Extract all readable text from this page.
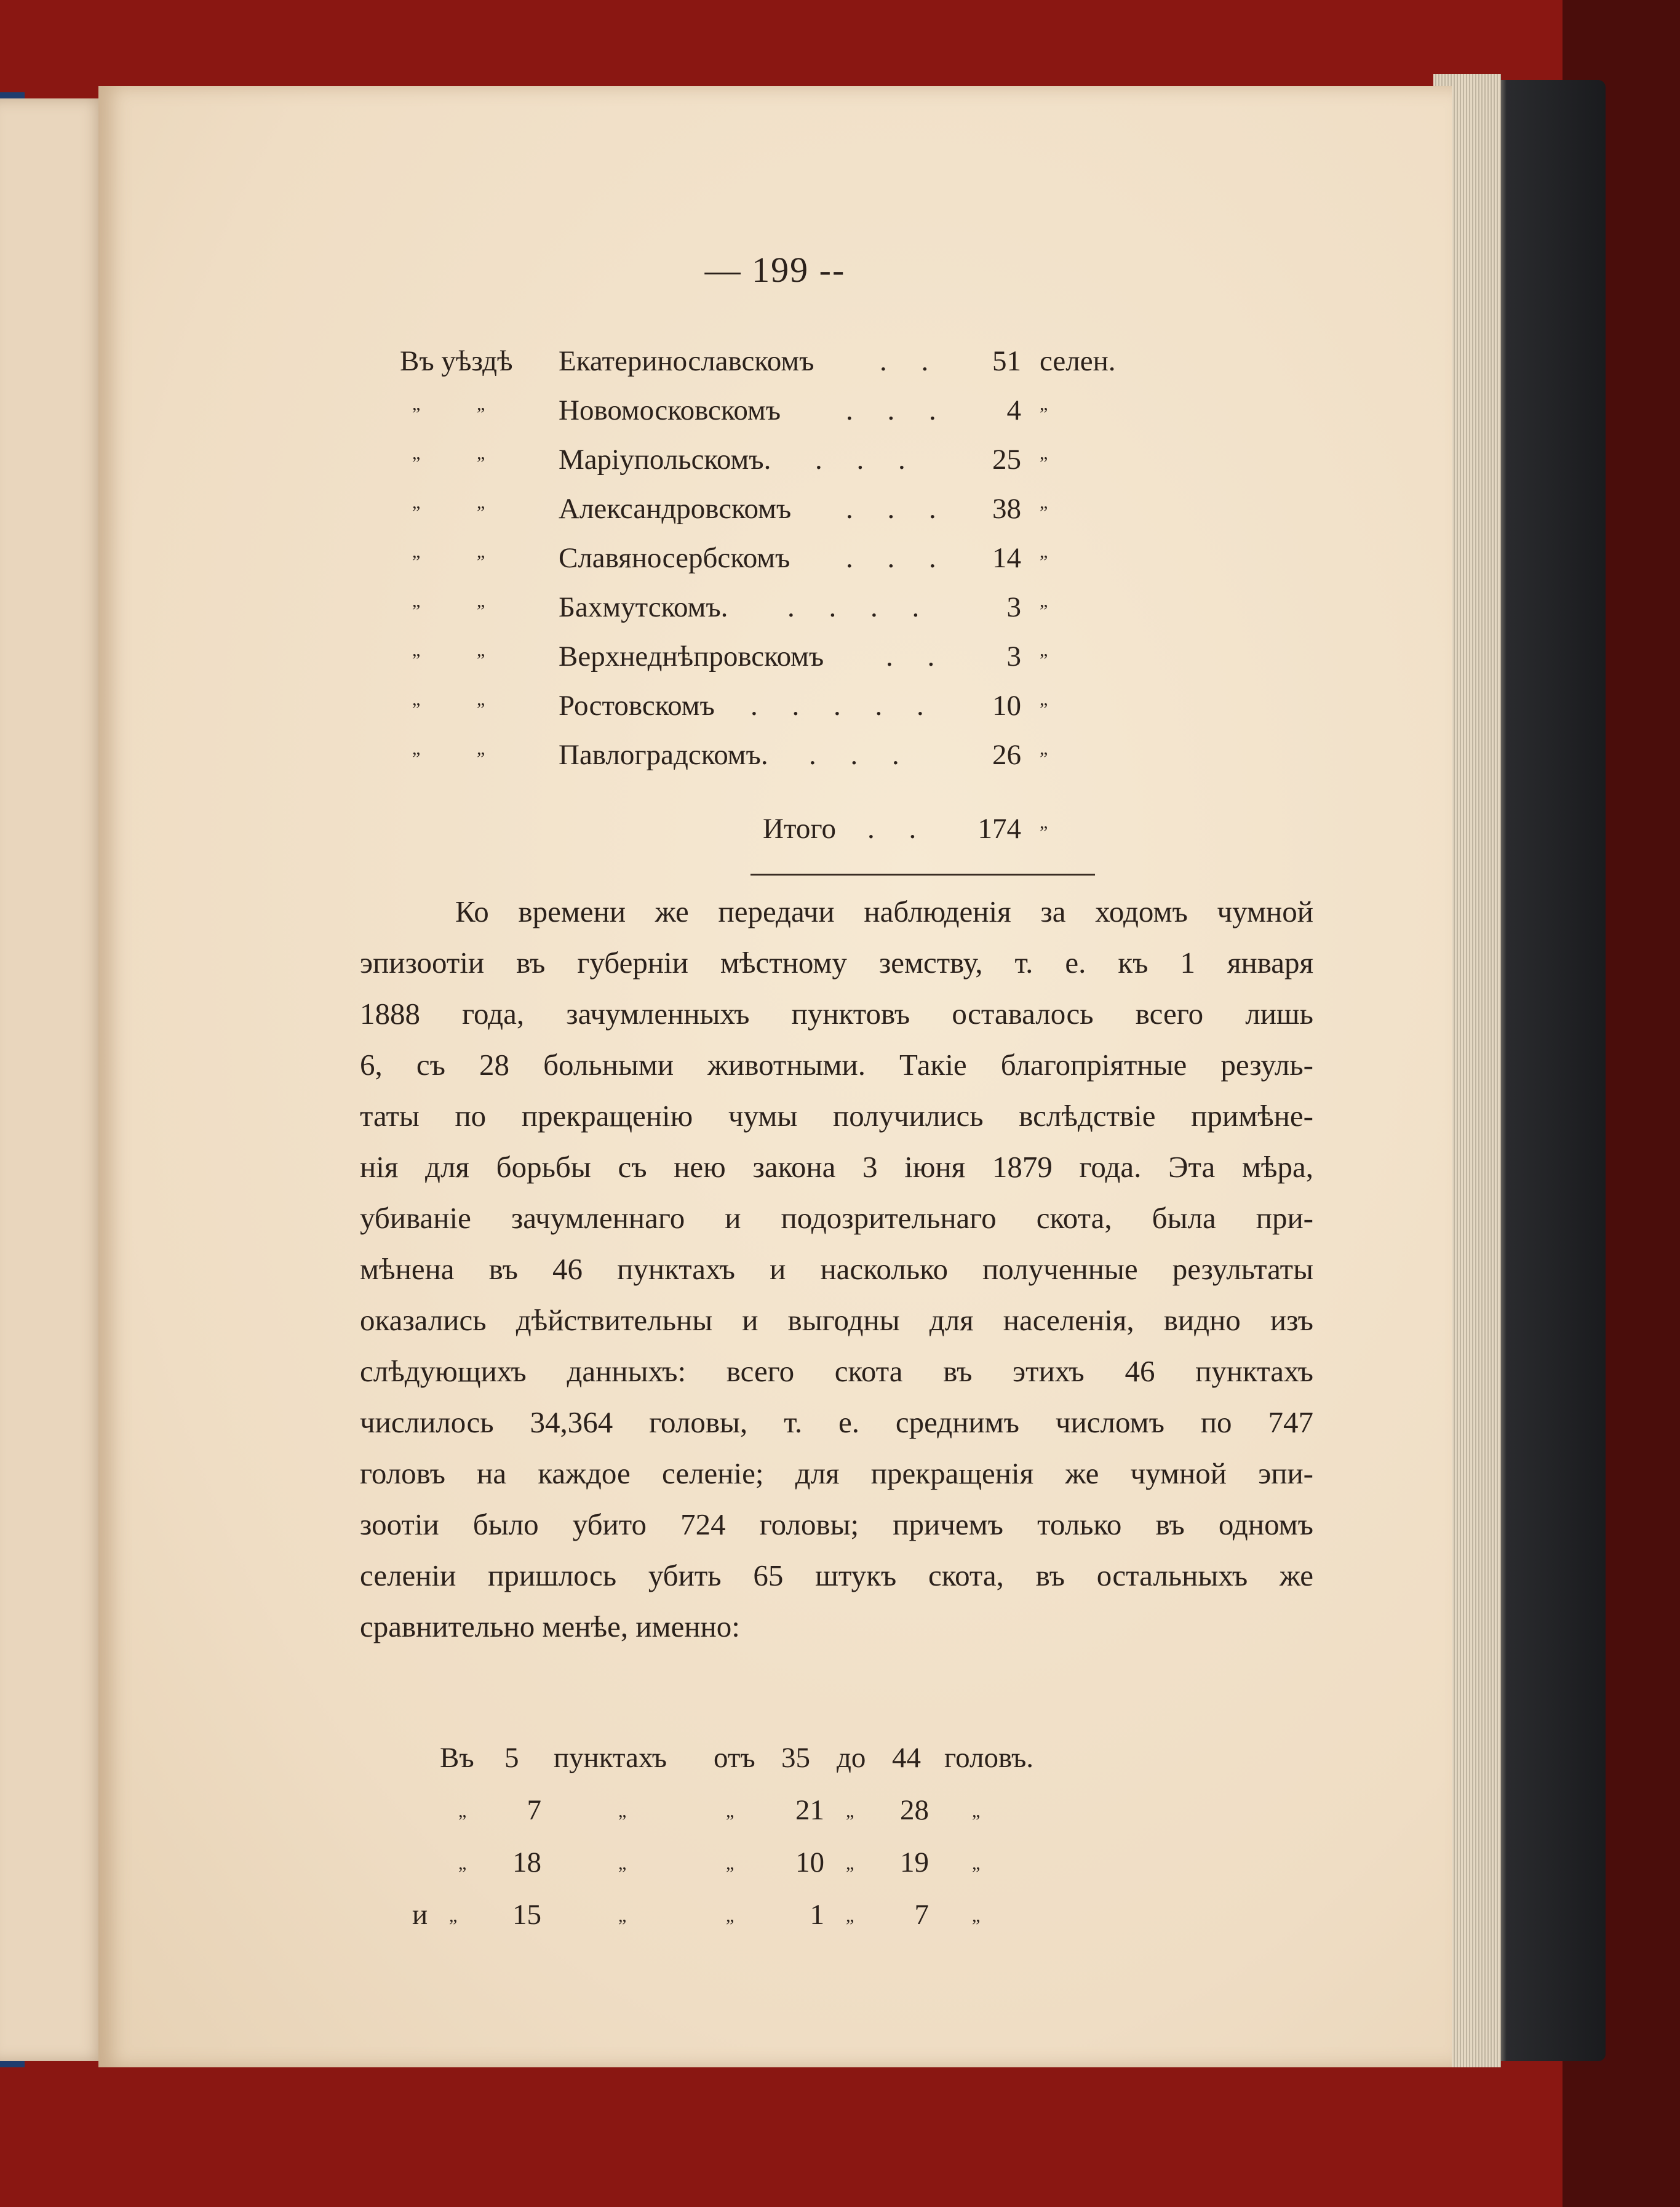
— 199 --
Въ уѣздѣ Екатеринославскомъ . .	51 селен.
„	„	Новомосковскомъ . . .	4 „
„	„	Маріупольскомъ. . . .	25 „
„	„	Александровскомъ . . .	38 „
„	„	Славяносербскомъ . . .	14 „
„	„	Бахмутскомъ. . . . .	3 „
„	„	Верхнеднѣпровскомъ . .	3 „
„	„	Ростовскомъ . . . . .	10 „
„	„	Павлоградскомъ. . . .	26 „
Итого . .	174 „
Ко времени же передачи наблюденія за ходомъ чумной
эпизоотіи въ губерніи мѣстному земству, т. е. къ 1 января
1888 года, зачумленныхъ пунктовъ оставалось всего лишь
6, съ 28 больными животными. Такіе благопріятные резуль-
таты по прекращенію чумы получились вслѣдствіе примѣне-
нія для борьбы съ нею закона 3 іюня 1879 года. Эта мѣра,
убиваніе зачумленнаго и подозрительнаго скота, была при-
мѣнена въ 46 пунктахъ и насколько полученные результаты
оказались дѣйствительны и выгодны для населенія, видно изъ
слѣдующихъ данныхъ: всего скота въ этихъ 46 пунктахъ
числилось 34,364 головы, т. е. среднимъ числомъ по 747
головъ на каждое селеніе; для прекращенія же чумной эпи-
зоотіи было убито 724 головы; причемъ только въ одномъ
селеніи пришлось убить 65 штукъ скота, въ остальныхъ же
сравнительно менѣе, именно:
Въ 5 пунктахъ отъ 35 до 44 головъ.
„	7	„	„	21 „	28 „
„	18	„	„	10 „	19 „
и „	15	„	„	1 „	7 „
